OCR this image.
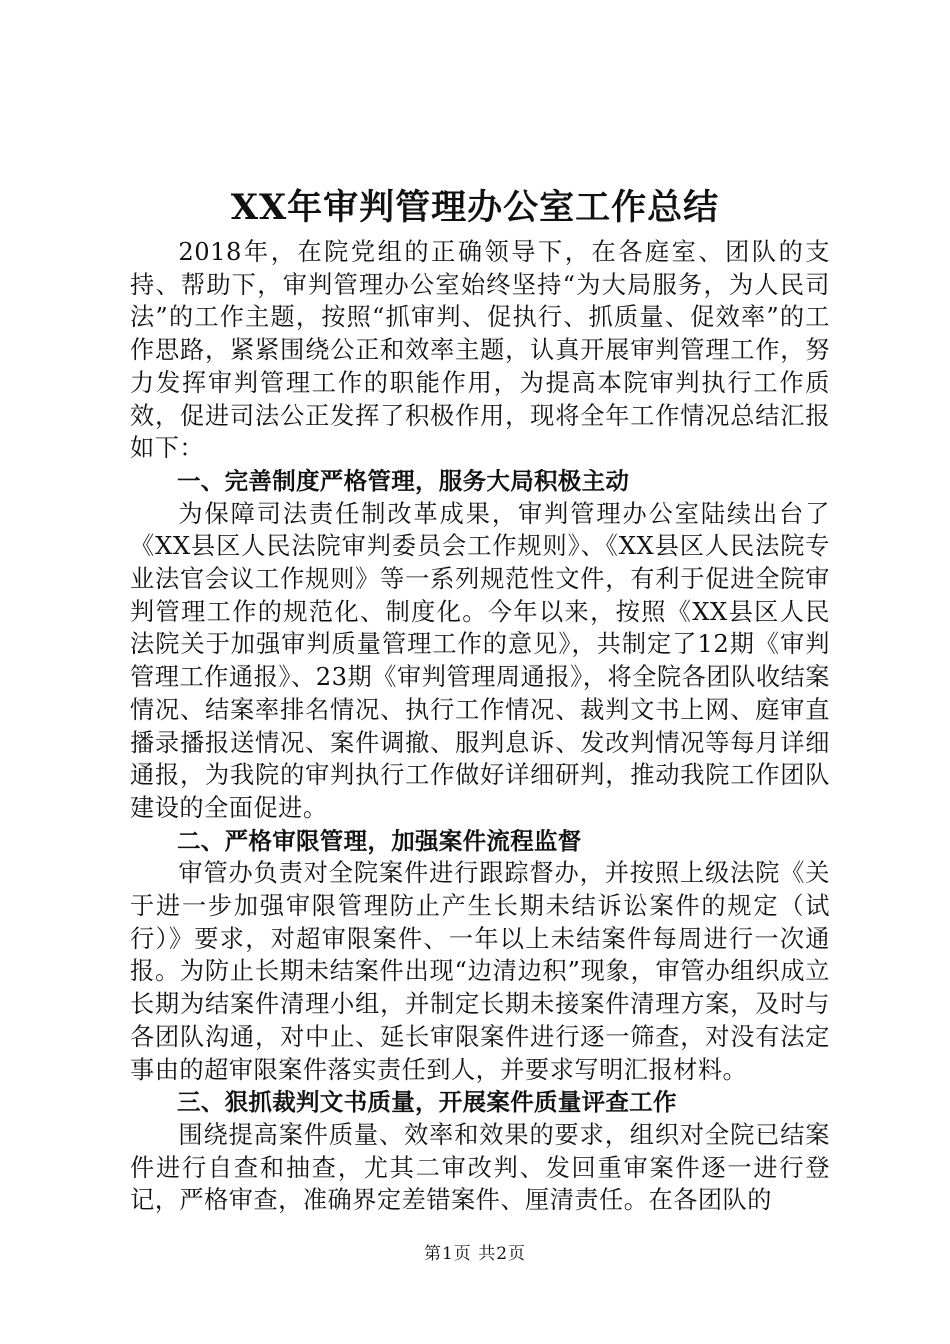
XX年审判管理办公室工作总结

2018年，在院党组的正确领导下，在各庭室、团队的支持、帮助下，审判管理办公室始终坚持“为大局服务，为人民司法”的工作主题，按照“抓审判、促执行、抓质量、促效率”的工作思路，紧紧围绕公正和效率主题，认真开展审判管理工作，努力发挥审判管理工作的职能作用，为提高本院审判执行工作质效，促进司法公正发挥了积极作用，现将全年工作情况总结汇报如下：

一、完善制度严格管理，服务大局积极主动

为保障司法责任制改革成果，审判管理办公室陆续出台了《XX县区人民法院审判委员会工作规则》、《XX县区人民法院专业法官会议工作规则》等一系列规范性文件，有利于促进全院审判管理工作的规范化、制度化。今年以来，按照《XX县区人民法院关于加强审判质量管理工作的意见》，共制定了12期《审判管理工作通报》、23期《审判管理周通报》，将全院各团队收结案情况、结案率排名情况、执行工作情况、裁判文书上网、庭审直播录播报送情况、案件调撤、服判息诉、发改判情况等每月详细通报，为我院的审判执行工作做好详细研判，推动我院工作团队建设的全面促进。

二、严格审限管理，加强案件流程监督

审管办负责对全院案件进行跟踪督办，并按照上级法院《关于进一步加强审限管理防止产生长期未结诉讼案件的规定（试行）》要求，对超审限案件、一年以上未结案件每周进行一次通报。为防止长期未结案件出现“边清边积”现象，审管办组织成立长期为结案件清理小组，并制定长期未接案件清理方案，及时与各团队沟通，对中止、延长审限案件进行逐一筛查，对没有法定事由的超审限案件落实责任到人，并要求写明汇报材料。

三、狠抓裁判文书质量，开展案件质量评查工作

围绕提高案件质量、效率和效果的要求，组织对全院已结案件进行自查和抽查，尤其二审改判、发回重审案件逐一进行登记，严格审查，准确界定差错案件、厘清责任。在各团队的

第1页 共2页
